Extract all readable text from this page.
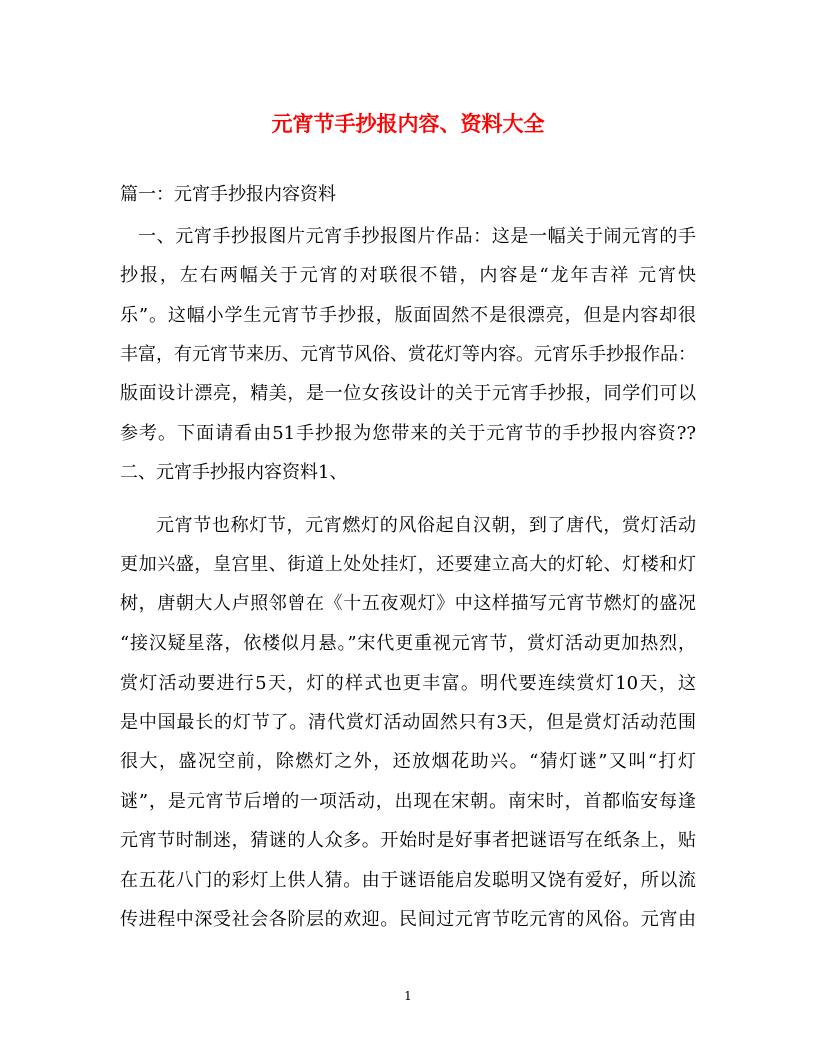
元宵节手抄报内容、资料大全
篇一：元宵手抄报内容资料
一、元宵手抄报图片元宵手抄报图片作品：这是一幅关于闹元宵的手
抄报，左右两幅关于元宵的对联很不错，内容是“龙年吉祥 元宵快
乐”。这幅小学生元宵节手抄报，版面固然不是很漂亮，但是内容却很
丰富，有元宵节来历、元宵节风俗、赏花灯等内容。元宵乐手抄报作品：
版面设计漂亮，精美，是一位女孩设计的关于元宵手抄报，同学们可以
参考。下面请看由51手抄报为您带来的关于元宵节的手抄报内容资??
二、元宵手抄报内容资料1、
元宵节也称灯节，元宵燃灯的风俗起自汉朝，到了唐代，赏灯活动
更加兴盛，皇宫里、街道上处处挂灯，还要建立高大的灯轮、灯楼和灯
树，唐朝大人卢照邻曾在《十五夜观灯》中这样描写元宵节燃灯的盛况
“接汉疑星落，依楼似月悬。”宋代更重视元宵节，赏灯活动更加热烈，
赏灯活动要进行5天，灯的样式也更丰富。明代要连续赏灯10天，这
是中国最长的灯节了。清代赏灯活动固然只有3天，但是赏灯活动范围
很大，盛况空前，除燃灯之外，还放烟花助兴。“猜灯谜”又叫“打灯
谜”，是元宵节后增的一项活动，出现在宋朝。南宋时，首都临安每逢
元宵节时制迷，猜谜的人众多。开始时是好事者把谜语写在纸条上，贴
在五花八门的彩灯上供人猜。由于谜语能启发聪明又饶有爱好，所以流
传进程中深受社会各阶层的欢迎。民间过元宵节吃元宵的风俗。元宵由
1
